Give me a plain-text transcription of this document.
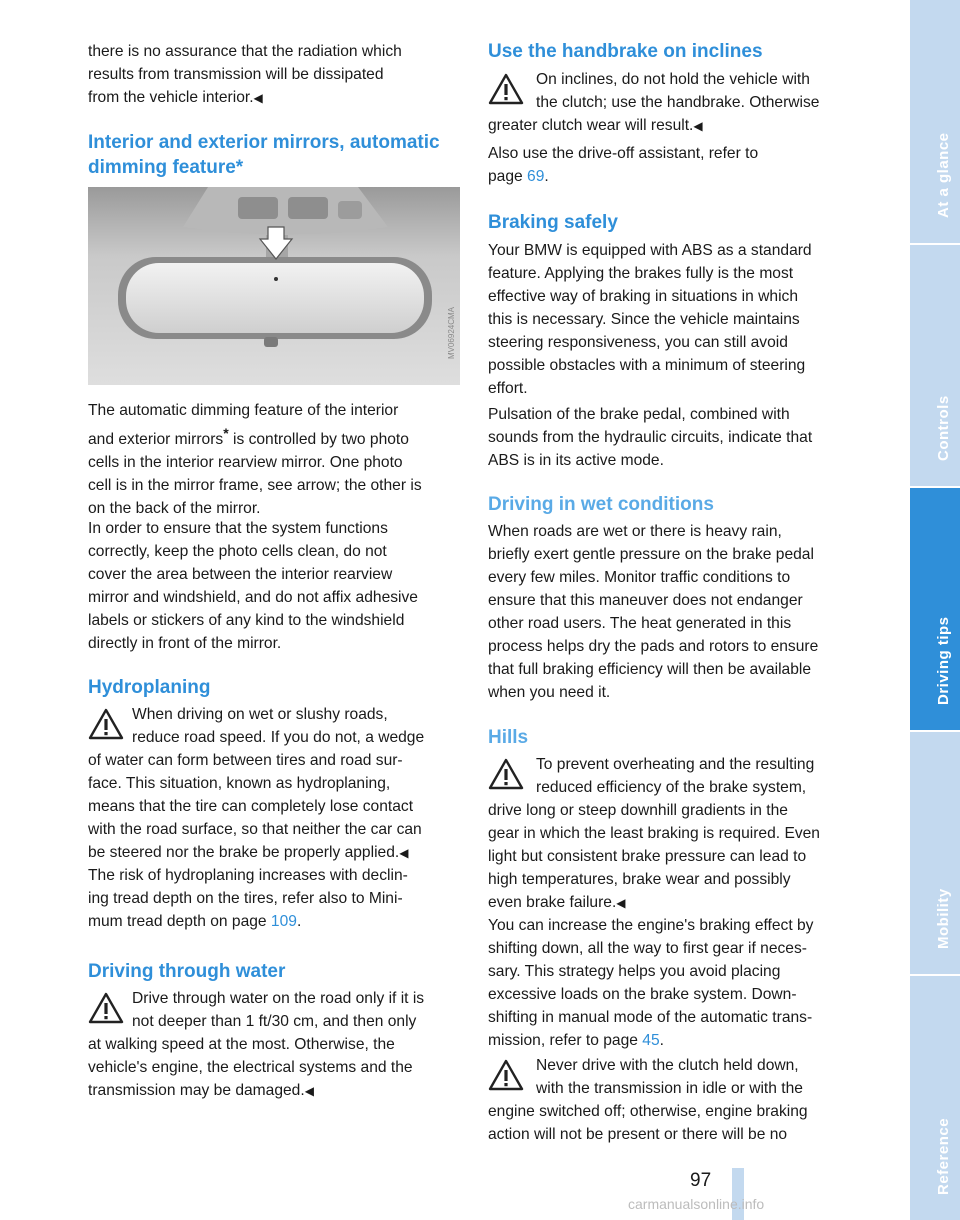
there is no assurance that the radiation which
results from transmission will be dissipated
from the vehicle interior.◀
Interior and exterior mirrors, automatic
dimming feature*
MV06924CMA
The automatic dimming feature of the interior
and exterior mirrors* is controlled by two photo
cells in the interior rearview mirror. One photo
cell is in the mirror frame, see arrow; the other is
on the back of the mirror.
In order to ensure that the system functions
correctly, keep the photo cells clean, do not
cover the area between the interior rearview
mirror and windshield, and do not affix adhesive
labels or stickers of any kind to the windshield
directly in front of the mirror.
Hydroplaning
When driving on wet or slushy roads,
reduce road speed. If you do not, a wedge
of water can form between tires and road sur-
face. This situation, known as hydroplaning,
means that the tire can completely lose contact
with the road surface, so that neither the car can
be steered nor the brake be properly applied.◀
The risk of hydroplaning increases with declin-
ing tread depth on the tires, refer also to Mini-
mum tread depth on page 109.
Driving through water
Drive through water on the road only if it is
not deeper than 1 ft/30 cm, and then only
at walking speed at the most. Otherwise, the
vehicle's engine, the electrical systems and the
transmission may be damaged.◀
Use the handbrake on inclines
On inclines, do not hold the vehicle with
the clutch; use the handbrake. Otherwise
greater clutch wear will result.◀
Also use the drive-off assistant, refer to
page 69.
Braking safely
Your BMW is equipped with ABS as a standard
feature. Applying the brakes fully is the most
effective way of braking in situations in which
this is necessary. Since the vehicle maintains
steering responsiveness, you can still avoid
possible obstacles with a minimum of steering
effort.
Pulsation of the brake pedal, combined with
sounds from the hydraulic circuits, indicate that
ABS is in its active mode.
Driving in wet conditions
When roads are wet or there is heavy rain,
briefly exert gentle pressure on the brake pedal
every few miles. Monitor traffic conditions to
ensure that this maneuver does not endanger
other road users. The heat generated in this
process helps dry the pads and rotors to ensure
that full braking efficiency will then be available
when you need it.
Hills
To prevent overheating and the resulting
reduced efficiency of the brake system,
drive long or steep downhill gradients in the
gear in which the least braking is required. Even
light but consistent brake pressure can lead to
high temperatures, brake wear and possibly
even brake failure.◀
You can increase the engine's braking effect by
shifting down, all the way to first gear if neces-
sary. This strategy helps you avoid placing
excessive loads on the brake system. Down-
shifting in manual mode of the automatic trans-
mission, refer to page 45.
Never drive with the clutch held down,
with the transmission in idle or with the
engine switched off; otherwise, engine braking
action will not be present or there will be no
97
carmanualsonline.info
At a glance
Controls
Driving tips
Mobility
Reference
